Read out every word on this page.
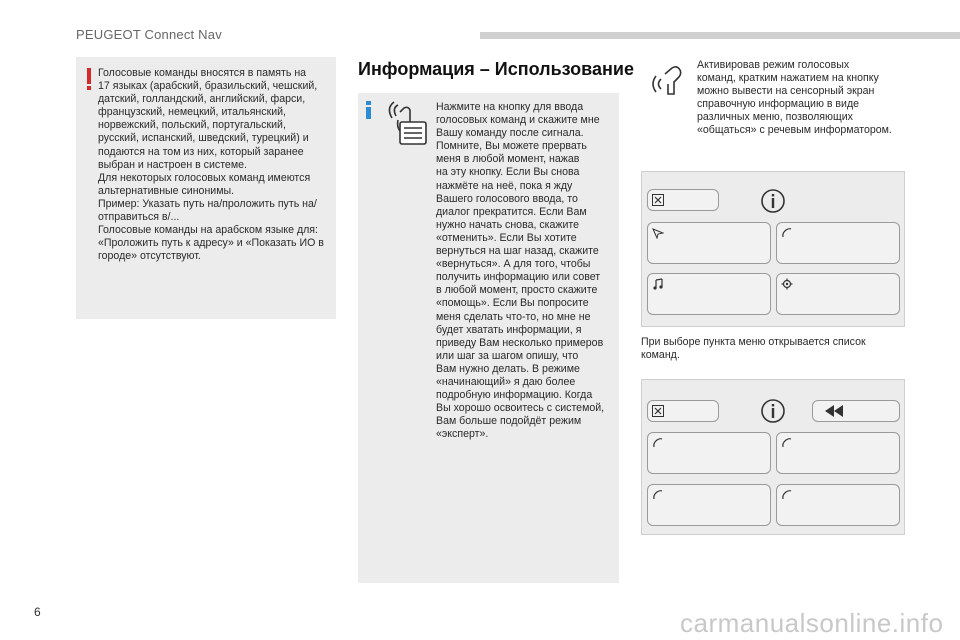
PEUGEOT Connect Nav
Голосовые команды вносятся в память на
17 языках (арабский, бразильский, чешский,
датский, голландский, английский, фарси,
французский, немецкий, итальянский,
норвежский, польский, португальский,
русский, испанский, шведский, турецкий) и
подаются на том из них, который заранее
выбран и настроен в системе.
Для некоторых голосовых команд имеются
альтернативные синонимы.
Пример: Указать путь на/проложить путь на/
отправиться в/...
Голосовые команды на арабском языке для:
«Проложить путь к адресу» и «Показать ИО в
городе» отсутствуют.
Информация – Использование
Нажмите на кнопку для ввода
голосовых команд и скажите мне
Вашу команду после сигнала.
Помните, Вы можете прервать
меня в любой момент, нажав
на эту кнопку. Если Вы снова
нажмёте на неё, пока я жду
Вашего голосового ввода, то
диалог прекратится. Если Вам
нужно начать снова, скажите
«отменить». Если Вы хотите
вернуться на шаг назад, скажите
«вернуться». А для того, чтобы
получить информацию или совет
в любой момент, просто скажите
«помощь». Если Вы попросите
меня сделать что-то, но мне не
будет хватать информации, я
приведу Вам несколько примеров
или шаг за шагом опишу, что
Вам нужно делать. В режиме
«начинающий» я даю более
подробную информацию. Когда
Вы хорошо освоитесь с системой,
Вам больше подойдёт режим
«эксперт».
Активировав режим голосовых
команд, кратким нажатием на кнопку
можно вывести на сенсорный экран
справочную информацию в виде
различных меню, позволяющих
«общаться» с речевым информатором.
При выборе пункта меню открывается список
команд.
6	carmanualsonline.info
